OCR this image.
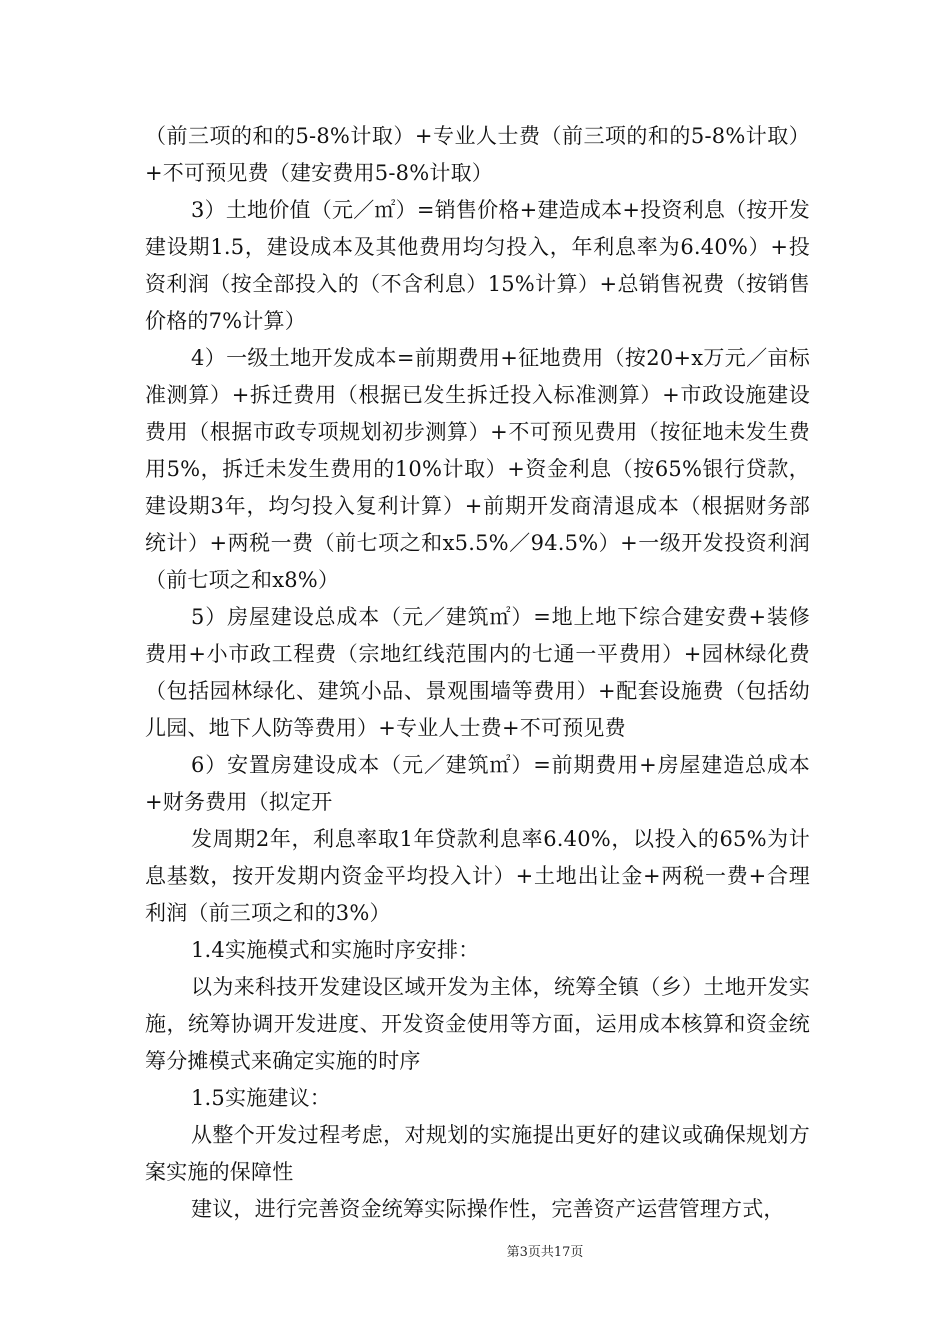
（前三项的和的5-8%计取）+专业人士费（前三项的和的5-8%计取）+不可预见费（建安费用5-8%计取）

3）土地价值（元／㎡）=销售价格+建造成本+投资利息（按开发建设期1.5，建设成本及其他费用均匀投入，年利息率为6.40%）+投资利润（按全部投入的（不含利息）15%计算）+总销售祝费（按销售价格的7%计算）

4）一级土地开发成本=前期费用+征地费用（按20+x万元／亩标准测算）+拆迁费用（根据已发生拆迁投入标准测算）+市政设施建设费用（根据市政专项规划初步测算）+不可预见费用（按征地未发生费用5%，拆迁未发生费用的10%计取）+资金利息（按65%银行贷款，建设期3年，均匀投入复利计算）+前期开发商清退成本（根据财务部统计）+两税一费（前七项之和x5.5%／94.5%）+一级开发投资利润（前七项之和x8%）

5）房屋建设总成本（元／建筑㎡）=地上地下综合建安费+装修费用+小市政工程费（宗地红线范围内的七通一平费用）+园林绿化费（包括园林绿化、建筑小品、景观围墙等费用）+配套设施费（包括幼儿园、地下人防等费用）+专业人士费+不可预见费

6）安置房建设成本（元／建筑㎡）=前期费用+房屋建造总成本+财务费用（拟定开

发周期2年，利息率取1年贷款利息率6.40%，以投入的65%为计息基数，按开发期内资金平均投入计）+土地出让金+两税一费+合理利润（前三项之和的3%）

1.4实施模式和实施时序安排：

以为来科技开发建设区域开发为主体，统筹全镇（乡）土地开发实施，统筹协调开发进度、开发资金使用等方面，运用成本核算和资金统筹分摊模式来确定实施的时序

1.5实施建议：

从整个开发过程考虑，对规划的实施提出更好的建议或确保规划方案实施的保障性

建议，进行完善资金统筹实际操作性，完善资产运营管理方式，

第3页共17页
